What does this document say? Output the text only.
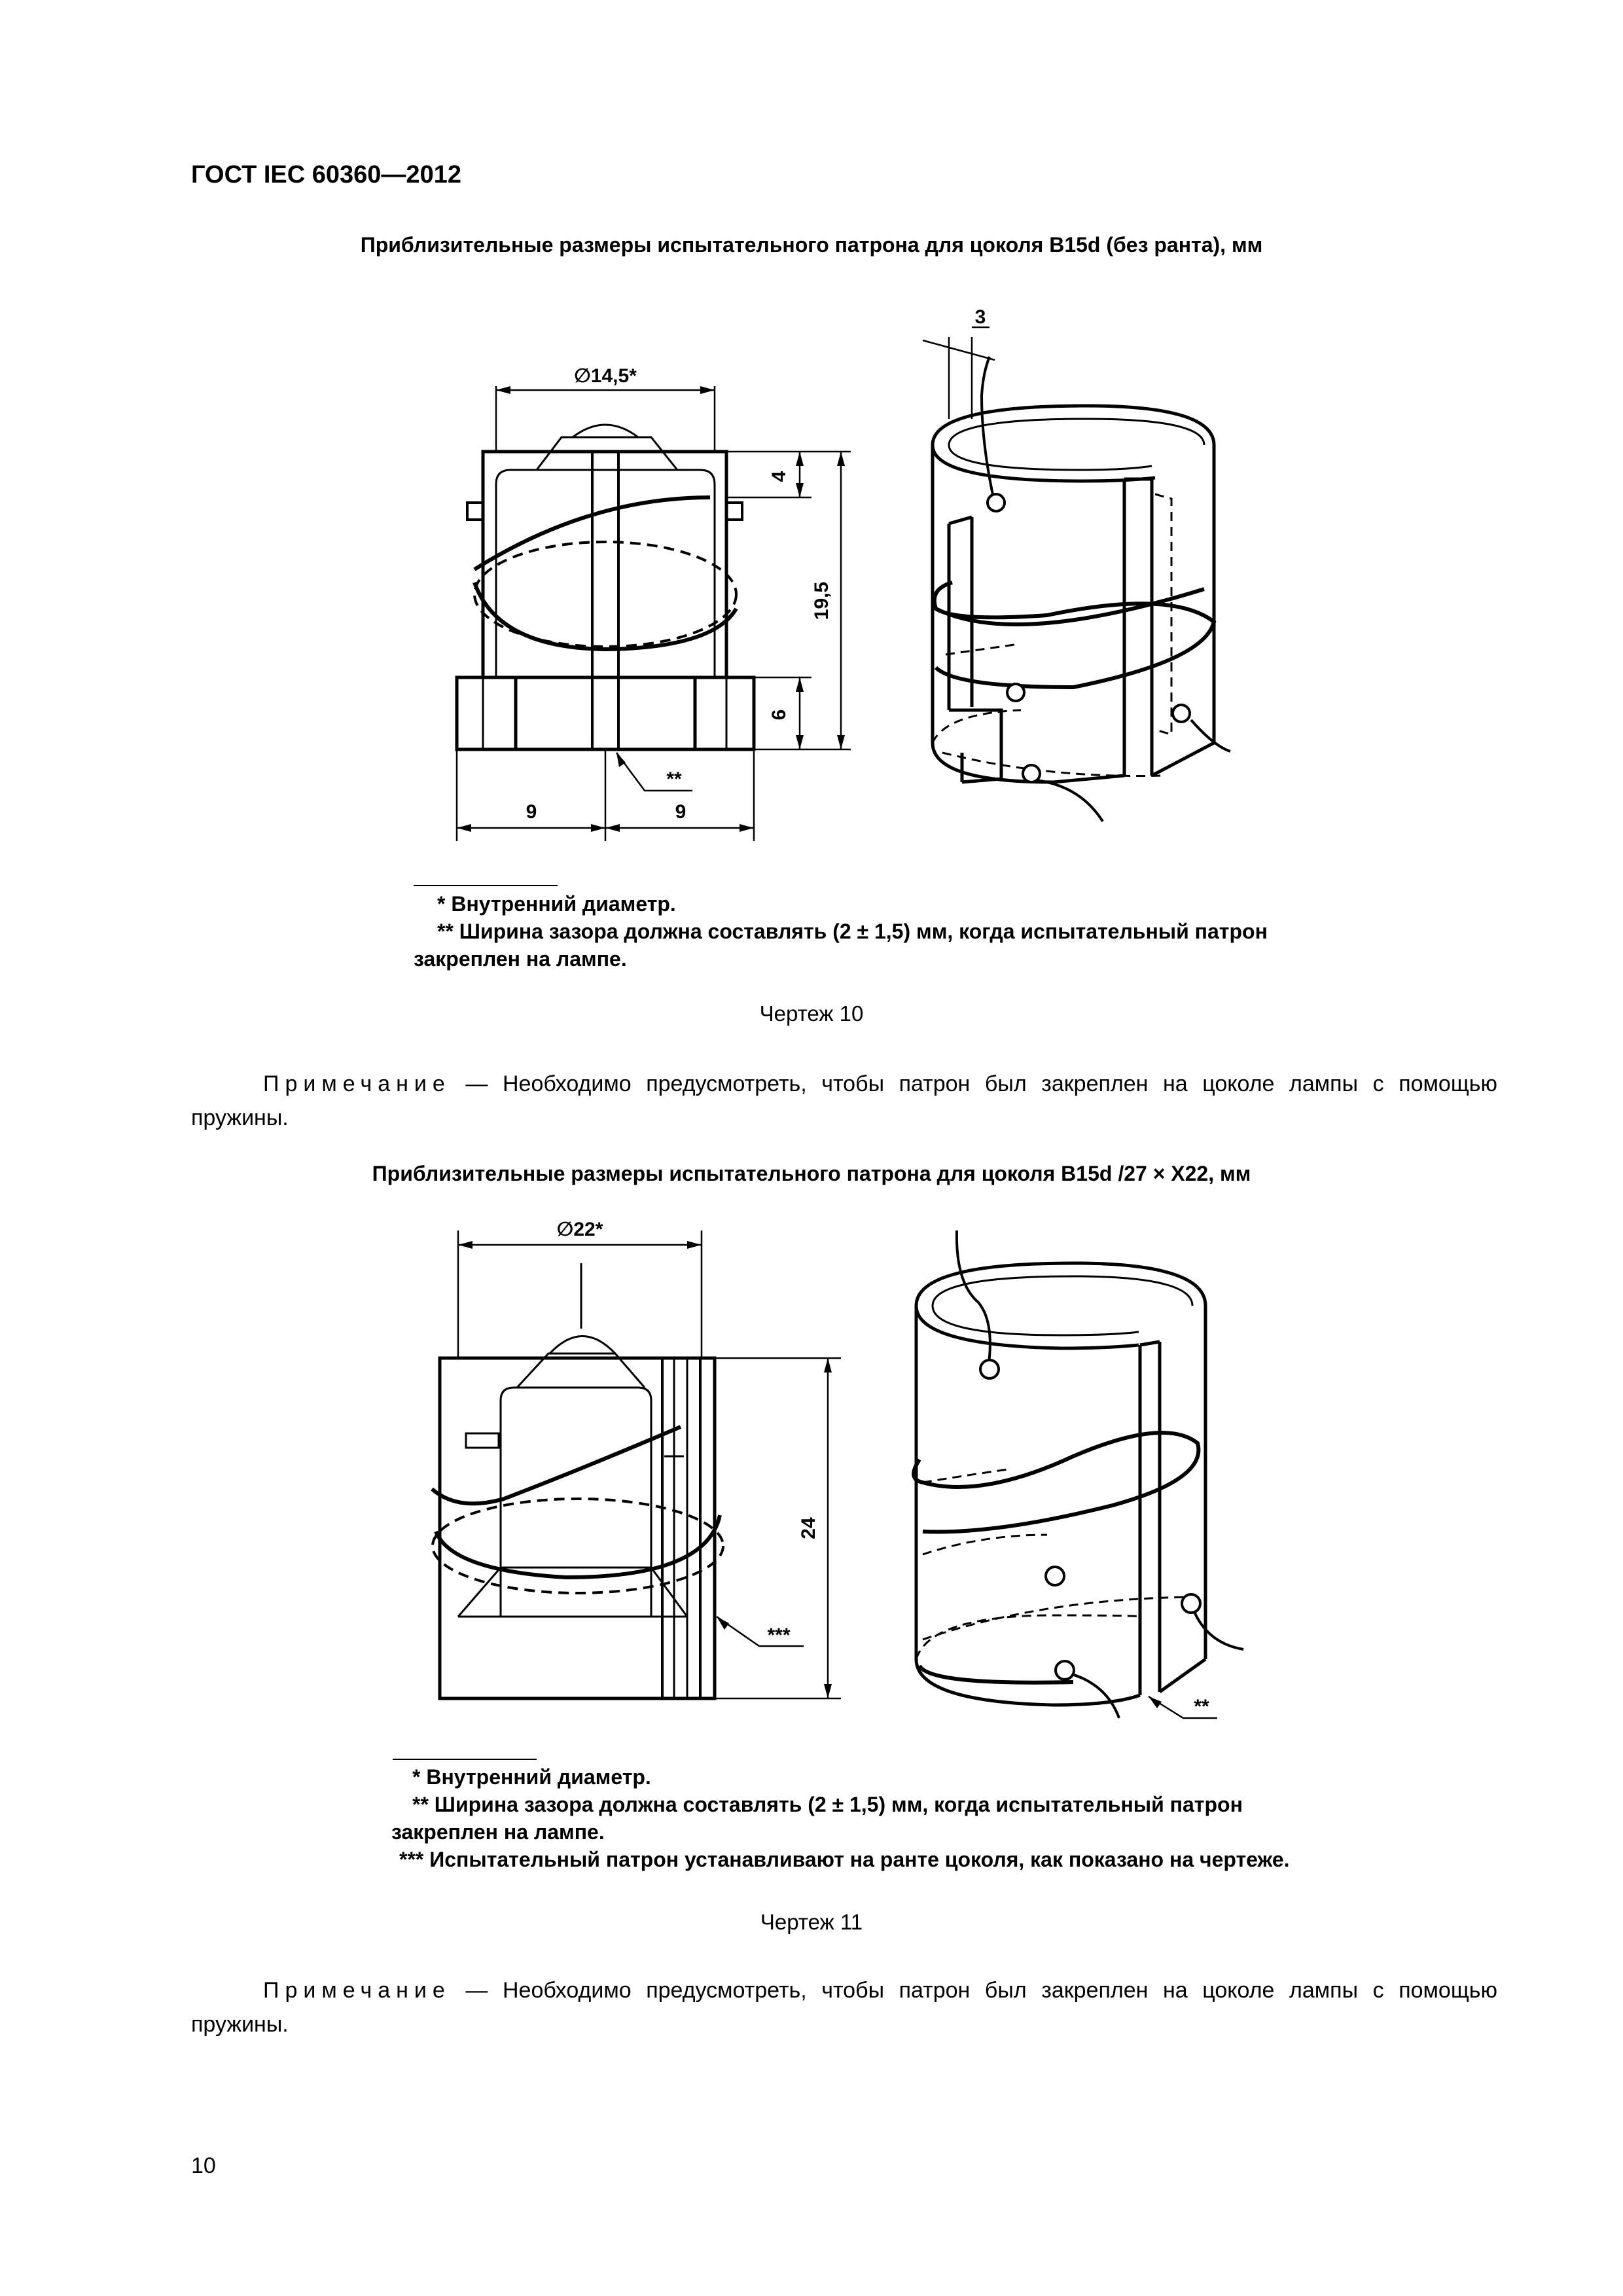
ГОСТ IEC 60360—2012
Приблизительные размеры испытательного патрона для цоколя B15d (без ранта), мм
∅14,5*
4
19,5
6
9	9
**
3
* Внутренний диаметр.
** Ширина зазора должна составлять (2 ± 1,5) мм, когда испытательный патрон
закреплен на лампе.
Чертеж 10
Примечание — Необходимо предусмотреть, чтобы патрон был закреплен на цоколе лампы с помощью пружины.
Приблизительные размеры испытательного патрона для цоколя B15d /27 × X22, мм
∅22*
24
***
**
* Внутренний диаметр.
** Ширина зазора должна составлять (2 ± 1,5) мм, когда испытательный патрон
закреплен на лампе.
*** Испытательный патрон устанавливают на ранте цоколя, как показано на чертеже.
Чертеж 11
Примечание — Необходимо предусмотреть, чтобы патрон был закреплен на цоколе лампы с помощью пружины.
10
